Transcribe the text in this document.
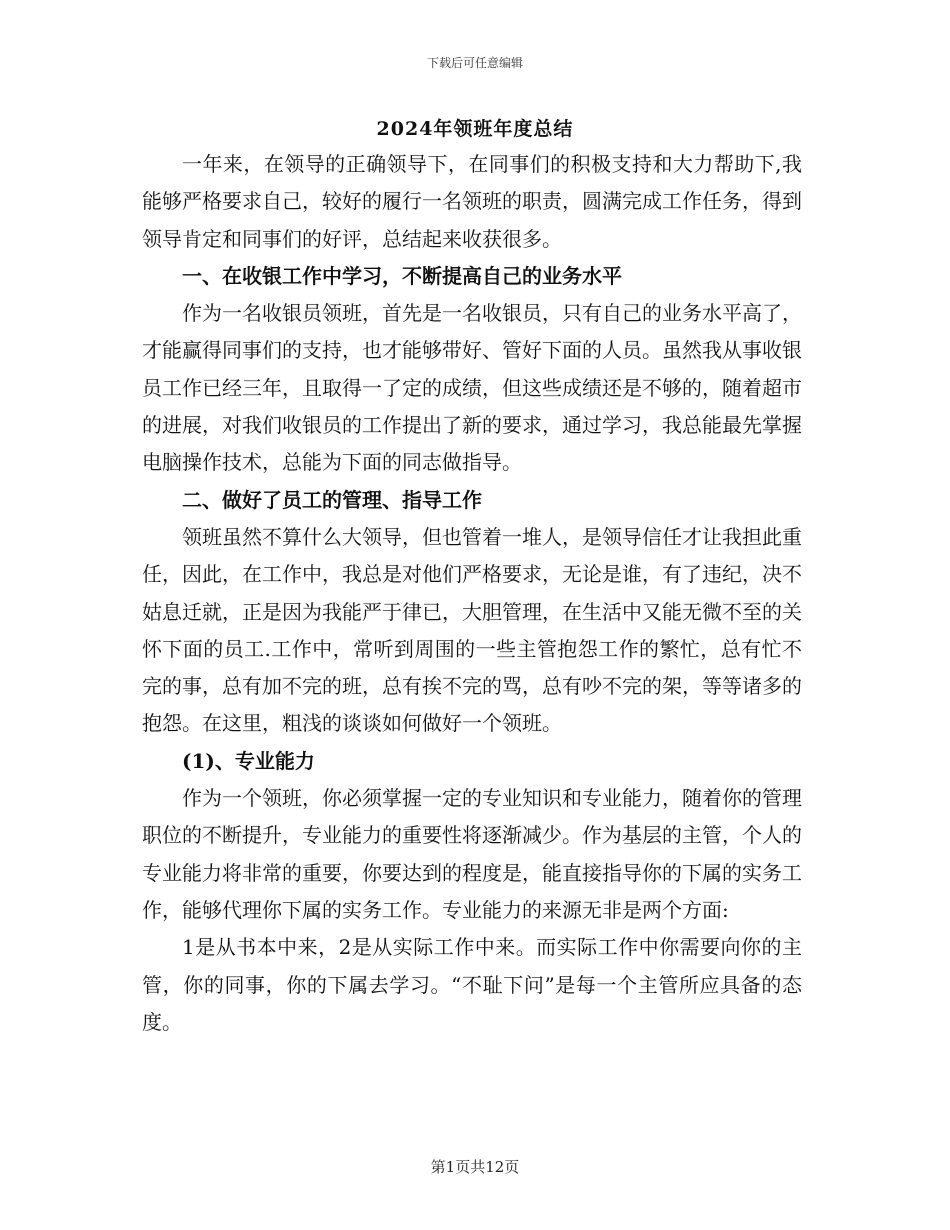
下载后可任意编辑
2024年领班年度总结

一年来，在领导的正确领导下，在同事们的积极支持和大力帮助下,我能够严格要求自己，较好的履行一名领班的职责，圆满完成工作任务，得到领导肯定和同事们的好评，总结起来收获很多。

一、在收银工作中学习，不断提高自己的业务水平

作为一名收银员领班，首先是一名收银员，只有自己的业务水平高了，才能赢得同事们的支持，也才能够带好、管好下面的人员。虽然我从事收银员工作已经三年，且取得一了定的成绩，但这些成绩还是不够的，随着超市的进展，对我们收银员的工作提出了新的要求，通过学习，我总能最先掌握电脑操作技术，总能为下面的同志做指导。

二、做好了员工的管理、指导工作

领班虽然不算什么大领导，但也管着一堆人，是领导信任才让我担此重任，因此，在工作中，我总是对他们严格要求，无论是谁，有了违纪，决不姑息迁就，正是因为我能严于律已，大胆管理，在生活中又能无微不至的关怀下面的员工.工作中，常听到周围的一些主管抱怨工作的繁忙，总有忙不完的事，总有加不完的班，总有挨不完的骂，总有吵不完的架，等等诸多的抱怨。在这里，粗浅的谈谈如何做好一个领班。

(1)、专业能力

作为一个领班，你必须掌握一定的专业知识和专业能力，随着你的管理职位的不断提升，专业能力的重要性将逐渐减少。作为基层的主管，个人的专业能力将非常的重要，你要达到的程度是，能直接指导你的下属的实务工作，能够代理你下属的实务工作。专业能力的来源无非是两个方面:

1是从书本中来，2是从实际工作中来。而实际工作中你需要向你的主管，你的同事，你的下属去学习。“不耻下问”是每一个主管所应具备的态度。

第1页共12页
